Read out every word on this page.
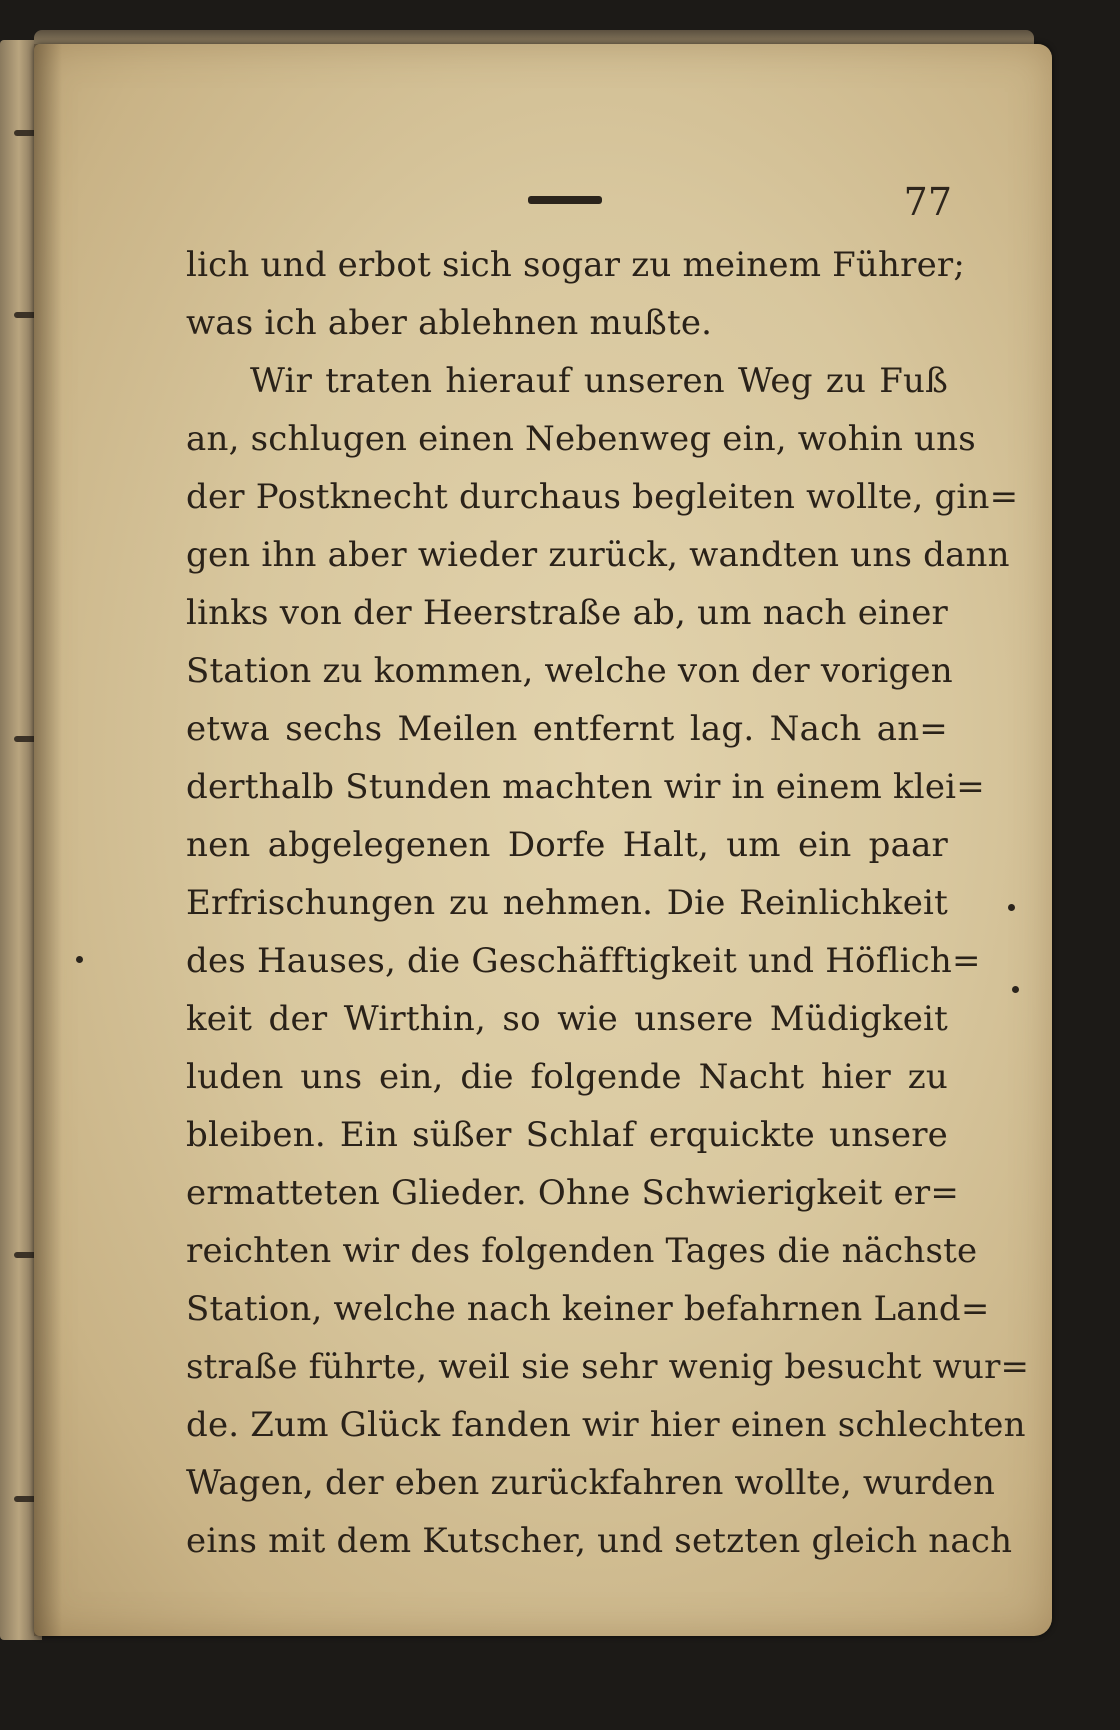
77
lich und erbot sich sogar zu meinem Führer;
was ich aber ablehnen mußte.
Wir traten hierauf unseren Weg zu Fuß
an, schlugen einen Nebenweg ein, wohin uns
der Postknecht durchaus begleiten wollte, gin=
gen ihn aber wieder zurück, wandten uns dann
links von der Heerstraße ab, um nach einer
Station zu kommen, welche von der vorigen
etwa sechs Meilen entfernt lag. Nach an=
derthalb Stunden machten wir in einem klei=
nen abgelegenen Dorfe Halt, um ein paar
Erfrischungen zu nehmen. Die Reinlichkeit
des Hauses, die Geschäfftigkeit und Höflich=
keit der Wirthin, so wie unsere Müdigkeit
luden uns ein, die folgende Nacht hier zu
bleiben. Ein süßer Schlaf erquickte unsere
ermatteten Glieder. Ohne Schwierigkeit er=
reichten wir des folgenden Tages die nächste
Station, welche nach keiner befahrnen Land=
straße führte, weil sie sehr wenig besucht wur=
de. Zum Glück fanden wir hier einen schlechten
Wagen, der eben zurückfahren wollte, wurden
eins mit dem Kutscher, und setzten gleich nach
